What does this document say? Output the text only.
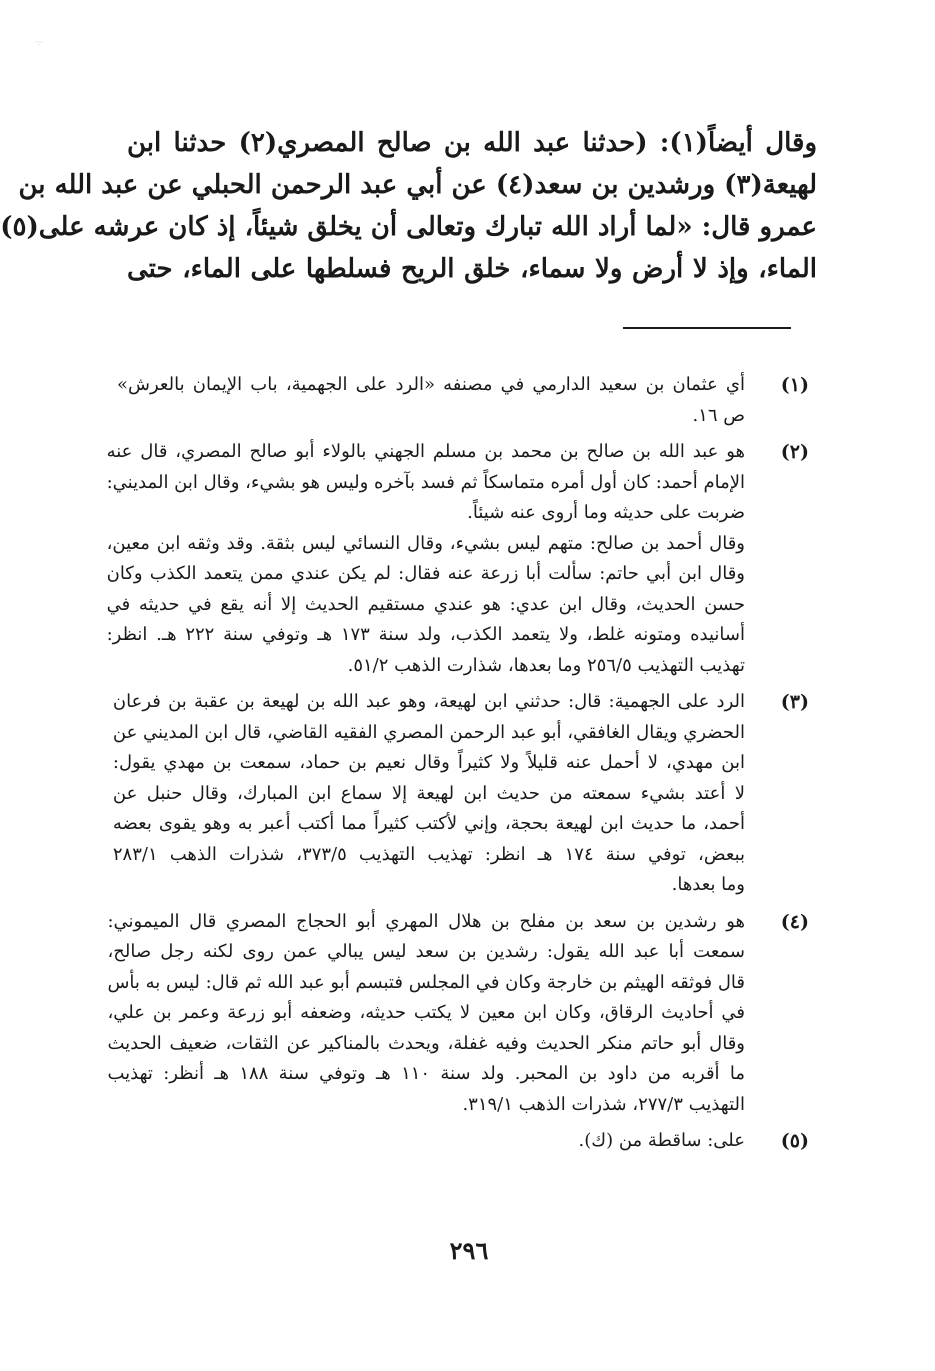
·:·
وقال أيضاً(١): (حدثنا عبد الله بن صالح المصري(٢) حدثنا ابن
لهيعة(٣) ورشدين بن سعد(٤) عن أبي عبد الرحمن الحبلي عن عبد الله بن
عمرو قال: «لما أراد الله تبارك وتعالى أن يخلق شيئاً، إذ كان عرشه على(٥)
الماء، وإذ لا أرض ولا سماء، خلق الريح فسلطها على الماء، حتى
(١)
أي عثمان بن سعيد الدارمي في مصنفه «الرد على الجهمية، باب الإيمان بالعرش»
ص ١٦.
(٢)
هو عبد الله بن صالح بن محمد بن مسلم الجهني بالولاء أبو صالح المصري، قال عنه
الإمام أحمد: كان أول أمره متماسكاً ثم فسد بآخره وليس هو بشيء، وقال ابن المديني:
ضربت على حديثه وما أروى عنه شيئاً.
وقال أحمد بن صالح: متهم ليس بشيء، وقال النسائي ليس بثقة. وقد وثقه ابن معين،
وقال ابن أبي حاتم: سألت أبا زرعة عنه فقال: لم يكن عندي ممن يتعمد الكذب وكان
حسن الحديث، وقال ابن عدي: هو عندي مستقيم الحديث إلا أنه يقع في حديثه في
أسانيده ومتونه غلط، ولا يتعمد الكذب، ولد سنة ١٧٣ هـ وتوفي سنة ٢٢٢ هـ. انظر:
تهذيب التهذيب ٢٥٦/٥ وما بعدها، شذارت الذهب ٥١/٢.
(٣)
الرد على الجهمية: قال: حدثني ابن لهيعة، وهو عبد الله بن لهيعة بن عقبة بن فرعان
الحضري ويقال الغافقي، أبو عبد الرحمن المصري الفقيه القاضي، قال ابن المديني عن
ابن مهدي، لا أحمل عنه قليلاً ولا كثيراً وقال نعيم بن حماد، سمعت بن مهدي يقول:
لا أعتد بشيء سمعته من حديث ابن لهيعة إلا سماع ابن المبارك، وقال حنبل عن
أحمد، ما حديث ابن لهيعة بحجة، وإني لأكتب كثيراً مما أكتب أعبر به وهو يقوى بعضه
ببعض، توفي سنة ١٧٤ هـ انظر: تهذيب التهذيب ٣٧٣/٥، شذرات الذهب ٢٨٣/١
وما بعدها.
(٤)
هو رشدين بن سعد بن مفلح بن هلال المهري أبو الحجاج المصري قال الميموني:
سمعت أبا عبد الله يقول: رشدين بن سعد ليس يبالي عمن روى لكنه رجل صالح،
قال فوثقه الهيثم بن خارجة وكان في المجلس فتبسم أبو عبد الله ثم قال: ليس به بأس
في أحاديث الرقاق، وكان ابن معين لا يكتب حديثه، وضعفه أبو زرعة وعمر بن علي،
وقال أبو حاتم منكر الحديث وفيه غفلة، ويحدث بالمناكير عن الثقات، ضعيف الحديث
ما أقربه من داود بن المحبر. ولد سنة ١١٠ هـ وتوفي سنة ١٨٨ هـ أنظر: تهذيب
التهذيب ٢٧٧/٣، شذرات الذهب ٣١٩/١.
(٥)
على: ساقطة من (ك).
٢٩٦
